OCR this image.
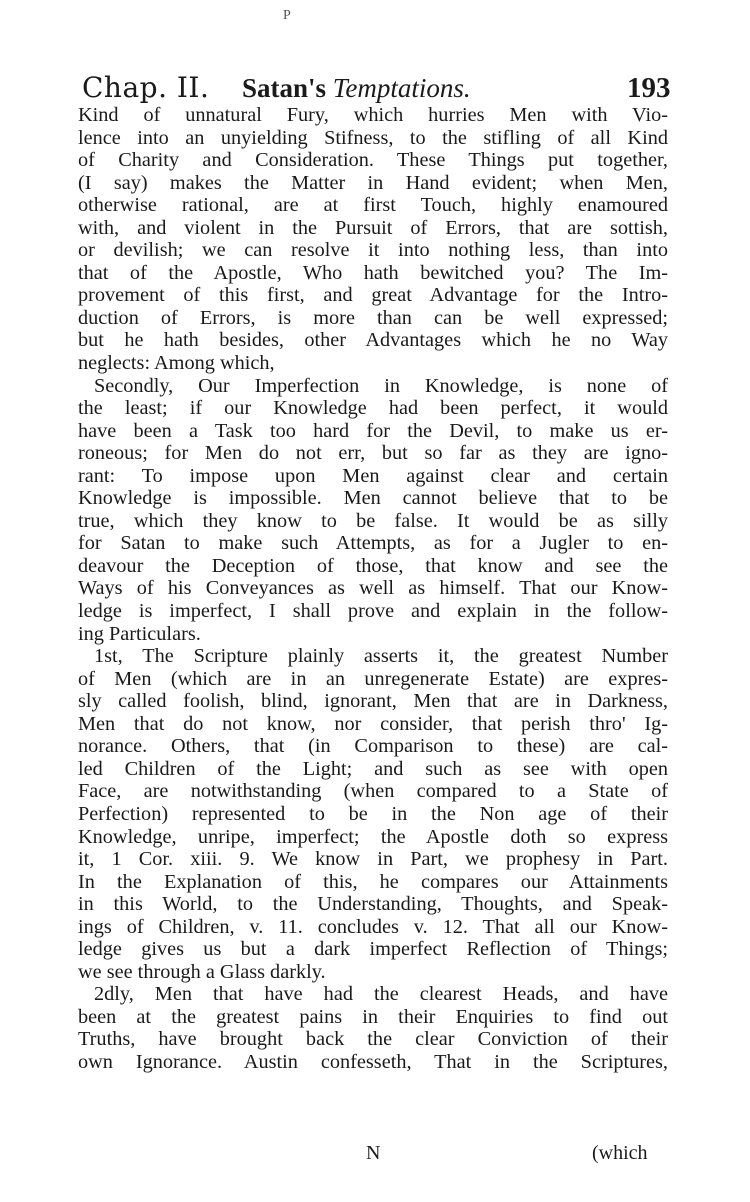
P
Chap. II. Satan's Temptations.	193
Kind of unnatural Fury, which hurries Men with Vio-
lence into an unyielding Stifness, to the stifling of all Kind
of Charity and Consideration. These Things put together,
(I say) makes the Matter in Hand evident; when Men,
otherwise rational, are at first Touch, highly enamoured
with, and violent in the Pursuit of Errors, that are sottish,
or devilish; we can resolve it into nothing less, than into
that of the Apostle, Who hath bewitched you? The Im-
provement of this first, and great Advantage for the Intro-
duction of Errors, is more than can be well expressed;
but he hath besides, other Advantages which he no Way
neglects: Among which,
Secondly, Our Imperfection in Knowledge, is none of
the least; if our Knowledge had been perfect, it would
have been a Task too hard for the Devil, to make us er-
roneous; for Men do not err, but so far as they are igno-
rant: To impose upon Men against clear and certain
Knowledge is impossible. Men cannot believe that to be
true, which they know to be false. It would be as silly
for Satan to make such Attempts, as for a Jugler to en-
deavour the Deception of those, that know and see the
Ways of his Conveyances as well as himself. That our Know-
ledge is imperfect, I shall prove and explain in the follow-
ing Particulars.
1st, The Scripture plainly asserts it, the greatest Number
of Men (which are in an unregenerate Estate) are expres-
sly called foolish, blind, ignorant, Men that are in Darkness,
Men that do not know, nor consider, that perish thro' Ig-
norance. Others, that (in Comparison to these) are cal-
led Children of the Light; and such as see with open
Face, are notwithstanding (when compared to a State of
Perfection) represented to be in the Non age of their
Knowledge, unripe, imperfect; the Apostle doth so express
it, 1 Cor. xiii. 9. We know in Part, we prophesy in Part.
In the Explanation of this, he compares our Attainments
in this World, to the Understanding, Thoughts, and Speak-
ings of Children, v. 11. concludes v. 12. That all our Know-
ledge gives us but a dark imperfect Reflection of Things;
we see through a Glass darkly.
2dly, Men that have had the clearest Heads, and have
been at the greatest pains in their Enquiries to find out
Truths, have brought back the clear Conviction of their
own Ignorance. Austin confesseth, That in the Scriptures,
N	(which
